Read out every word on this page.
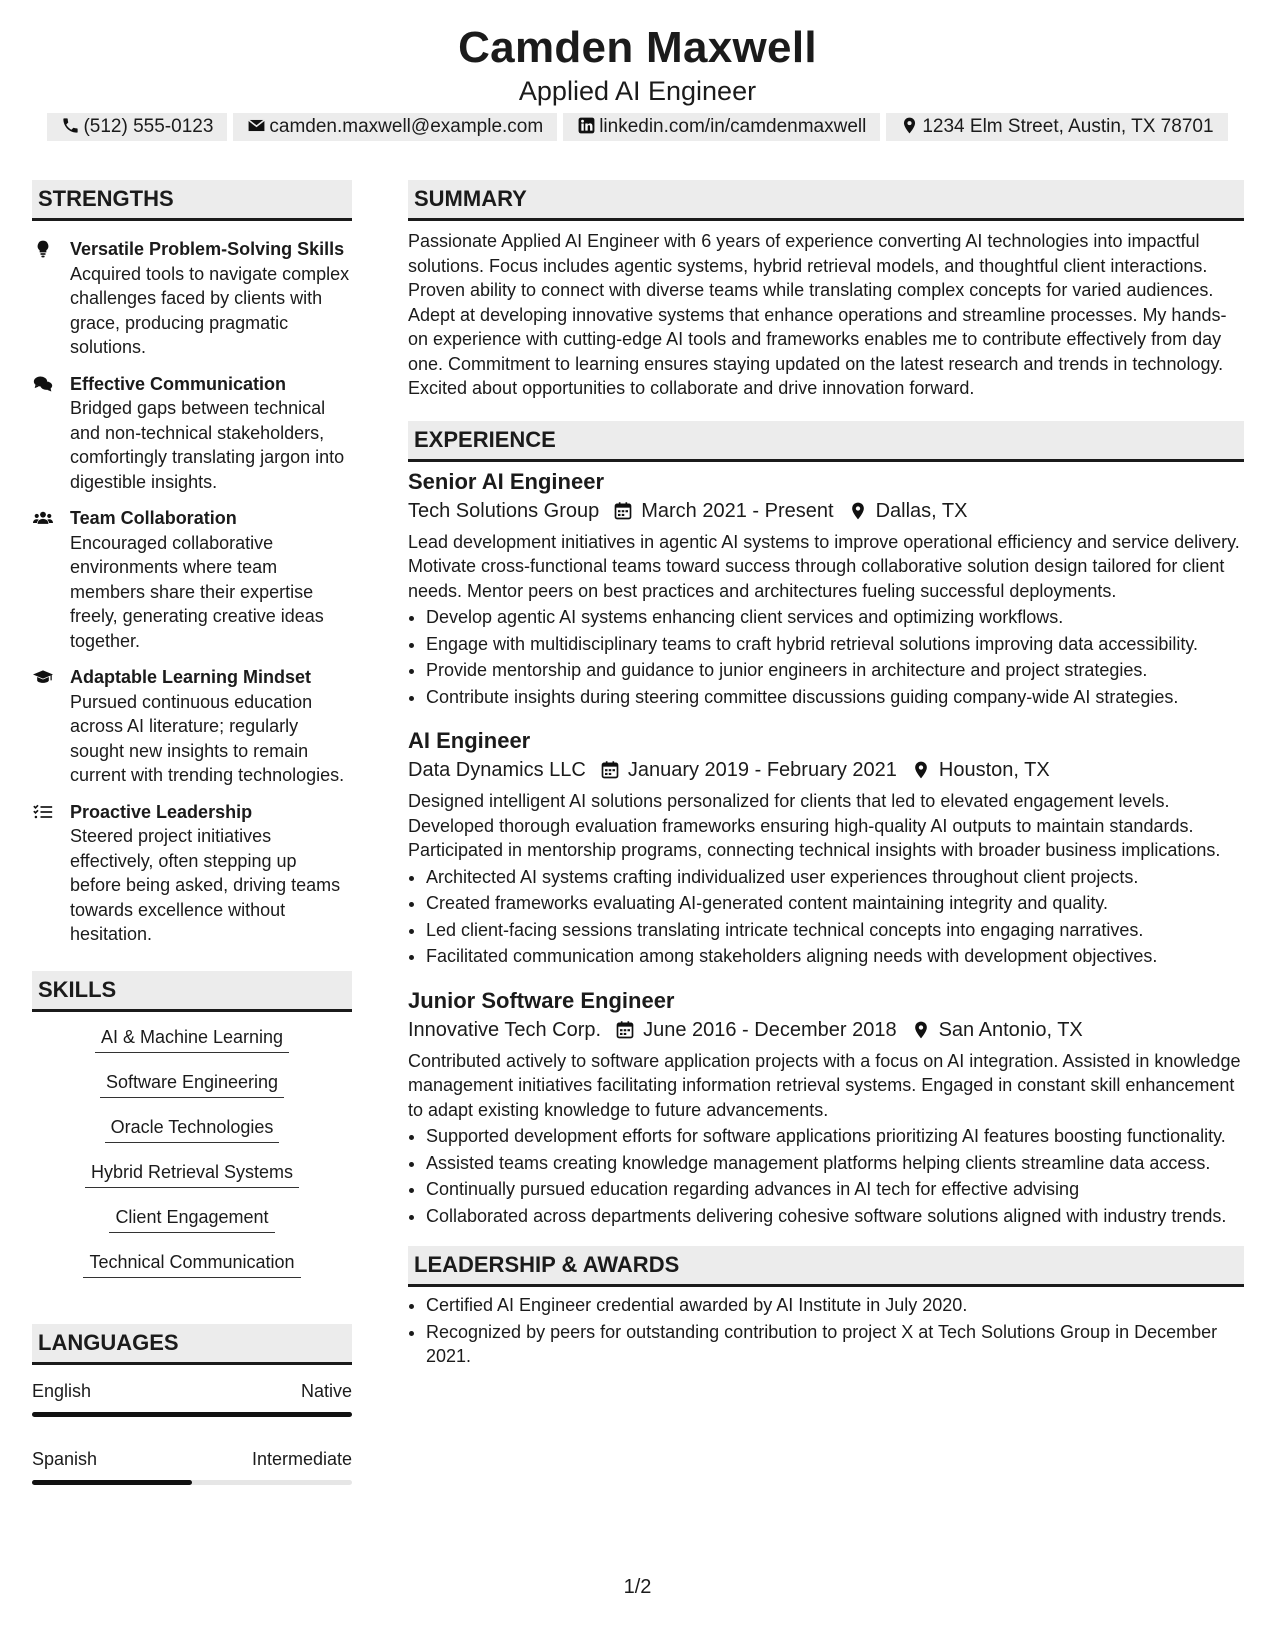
Camden Maxwell
Applied AI Engineer
(512) 555-0123	camden.maxwell@example.com	linkedin.com/in/camdenmaxwell	1234 Elm Street, Austin, TX 78701
STRENGTHS
Versatile Problem-Solving Skills
Acquired tools to navigate complex challenges faced by clients with grace, producing pragmatic solutions.
Effective Communication
Bridged gaps between technical and non-technical stakeholders, comfortingly translating jargon into digestible insights.
Team Collaboration
Encouraged collaborative environments where team members share their expertise freely, generating creative ideas together.
Adaptable Learning Mindset
Pursued continuous education across AI literature; regularly sought new insights to remain current with trending technologies.
Proactive Leadership
Steered project initiatives effectively, often stepping up before being asked, driving teams towards excellence without hesitation.
SKILLS
AI & Machine Learning
Software Engineering
Oracle Technologies
Hybrid Retrieval Systems
Client Engagement
Technical Communication
LANGUAGES
English	Native
Spanish	Intermediate
SUMMARY
Passionate Applied AI Engineer with 6 years of experience converting AI technologies into impactful solutions. Focus includes agentic systems, hybrid retrieval models, and thoughtful client interactions. Proven ability to connect with diverse teams while translating complex concepts for varied audiences. Adept at developing innovative systems that enhance operations and streamline processes. My hands-on experience with cutting-edge AI tools and frameworks enables me to contribute effectively from day one. Commitment to learning ensures staying updated on the latest research and trends in technology. Excited about opportunities to collaborate and drive innovation forward.
EXPERIENCE
Senior AI Engineer
Tech Solutions Group March 2021 - Present Dallas, TX
Lead development initiatives in agentic AI systems to improve operational efficiency and service delivery. Motivate cross-functional teams toward success through collaborative solution design tailored for client needs. Mentor peers on best practices and architectures fueling successful deployments.
• Develop agentic AI systems enhancing client services and optimizing workflows.
• Engage with multidisciplinary teams to craft hybrid retrieval solutions improving data accessibility.
• Provide mentorship and guidance to junior engineers in architecture and project strategies.
• Contribute insights during steering committee discussions guiding company-wide AI strategies.
AI Engineer
Data Dynamics LLC January 2019 - February 2021 Houston, TX
Designed intelligent AI solutions personalized for clients that led to elevated engagement levels. Developed thorough evaluation frameworks ensuring high-quality AI outputs to maintain standards. Participated in mentorship programs, connecting technical insights with broader business implications.
• Architected AI systems crafting individualized user experiences throughout client projects.
• Created frameworks evaluating AI-generated content maintaining integrity and quality.
• Led client-facing sessions translating intricate technical concepts into engaging narratives.
• Facilitated communication among stakeholders aligning needs with development objectives.
Junior Software Engineer
Innovative Tech Corp. June 2016 - December 2018 San Antonio, TX
Contributed actively to software application projects with a focus on AI integration. Assisted in knowledge management initiatives facilitating information retrieval systems. Engaged in constant skill enhancement to adapt existing knowledge to future advancements.
• Supported development efforts for software applications prioritizing AI features boosting functionality.
• Assisted teams creating knowledge management platforms helping clients streamline data access.
• Continually pursued education regarding advances in AI tech for effective advising
• Collaborated across departments delivering cohesive software solutions aligned with industry trends.
LEADERSHIP & AWARDS
• Certified AI Engineer credential awarded by AI Institute in July 2020.
• Recognized by peers for outstanding contribution to project X at Tech Solutions Group in December 2021.
1/2
